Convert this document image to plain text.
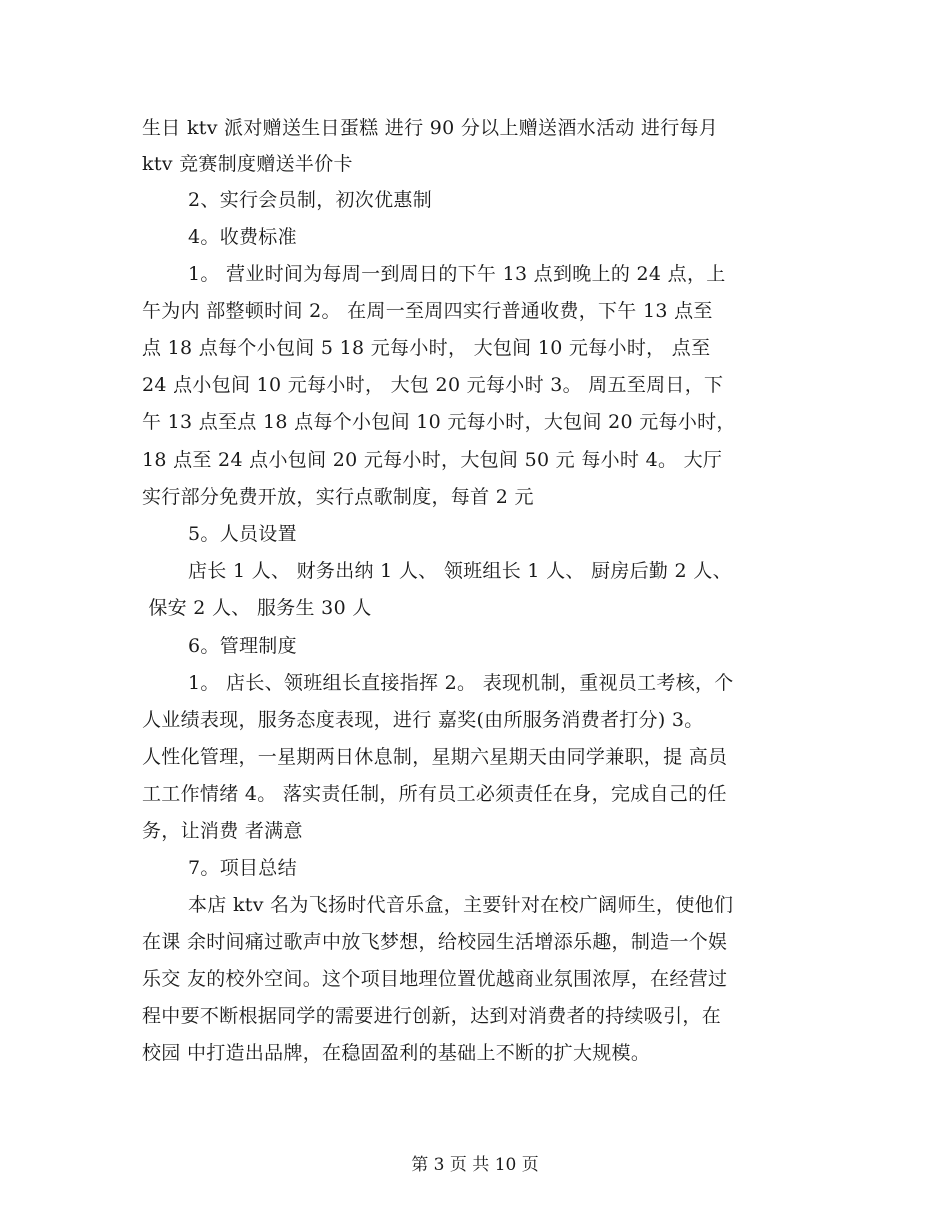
生日 ktv 派对赠送生日蛋糕 进行 90 分以上赠送酒水活动 进行每月
ktv 竞赛制度赠送半价卡
2、实行会员制，初次优惠制
4。收费标准
1。 营业时间为每周一到周日的下午 13 点到晚上的 24 点，上
午为内 部整顿时间 2。 在周一至周四实行普通收费，下午 13 点至
点 18 点每个小包间 5 18 元每小时， 大包间 10 元每小时， 点至
24 点小包间 10 元每小时， 大包 20 元每小时 3。 周五至周日，下
午 13 点至点 18 点每个小包间 10 元每小时，大包间 20 元每小时，
18 点至 24 点小包间 20 元每小时，大包间 50 元 每小时 4。 大厅
实行部分免费开放，实行点歌制度，每首 2 元
5。人员设置
店长 1 人、 财务出纳 1 人、 领班组长 1 人、 厨房后勤 2 人、
保安 2 人、 服务生 30 人
6。管理制度
1。 店长、领班组长直接指挥 2。 表现机制，重视员工考核，个
人业绩表现，服务态度表现，进行 嘉奖(由所服务消费者打分) 3。
人性化管理，一星期两日休息制，星期六星期天由同学兼职，提 高员
工工作情绪 4。 落实责任制，所有员工必须责任在身，完成自己的任
务，让消费 者满意
7。项目总结
本店 ktv 名为飞扬时代音乐盒，主要针对在校广阔师生，使他们
在课 余时间痛过歌声中放飞梦想，给校园生活增添乐趣，制造一个娱
乐交 友的校外空间。这个项目地理位置优越商业氛围浓厚，在经营过
程中要不断根据同学的需要进行创新，达到对消费者的持续吸引，在
校园 中打造出品牌，在稳固盈利的基础上不断的扩大规模。
第 3 页 共 10 页
